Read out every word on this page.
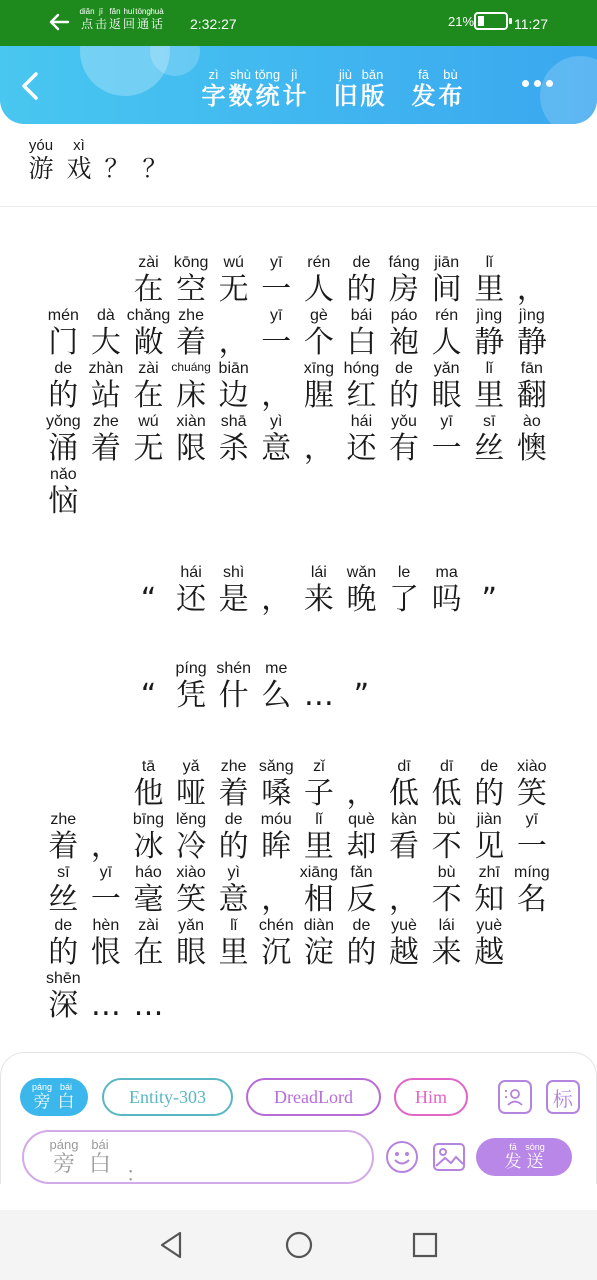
diǎn
点
jī
击
fǎn
返
huí
回
tōng
通
huà
话 2:32:27	21%	11:27
zì
字
shù
数
tǒng
统
jì
计
jiù
旧
bǎn
版
fā
发
bù
布
yóu
游
xì
戏 ？ ？
zài
在
kōng
空
wú
无
yī
一
rén
人
de
的
fáng
房
jiān
间
lǐ
里 ，
mén
门
dà
大
chǎng
敞
zhe
着 ，
yī
一
gè
个
bái
白
páo
袍
rén
人
jìng
静
jìng
静
de
的
zhàn
站
zài
在
chuáng
床
biān
边 ，
xīng
腥
hóng
红
de
的
yǎn
眼
lǐ
里
fān
翻
yǒng
涌
zhe
着
wú
无
xiàn
限
shā
杀
yì
意 ，
hái
还
yǒu
有
yī
一
sī
丝
ào
懊
nǎo
恼
“
hái
还
shì
是 ，
lái
来
wǎn
晚
le
了
ma
吗 ”
“
píng
凭
shén
什
me
么 … ”
tā
他
yǎ
哑
zhe
着
sǎng
嗓
zǐ
子 ，
dī
低
dī
低
de
的
xiào
笑
zhe
着 ，
bīng
冰
lěng
冷
de
的
móu
眸
lǐ
里
què
却
kàn
看
bù
不
jiàn
见
yī
一
sī
丝
yī
一
háo
毫
xiào
笑
yì
意 ，
xiāng
相
fǎn
反 ，
bù
不
zhī
知
míng
名
de
的
hèn
恨
zài
在
yǎn
眼
lǐ
里
chén
沉
diàn
淀
de
的
yuè
越
lái
来
yuè
越
shēn
深 … …
páng
旁
bái
白	Entity-303	DreadLord	Him	标
páng
旁
bái
白 ：
fā
发
sòng
送
